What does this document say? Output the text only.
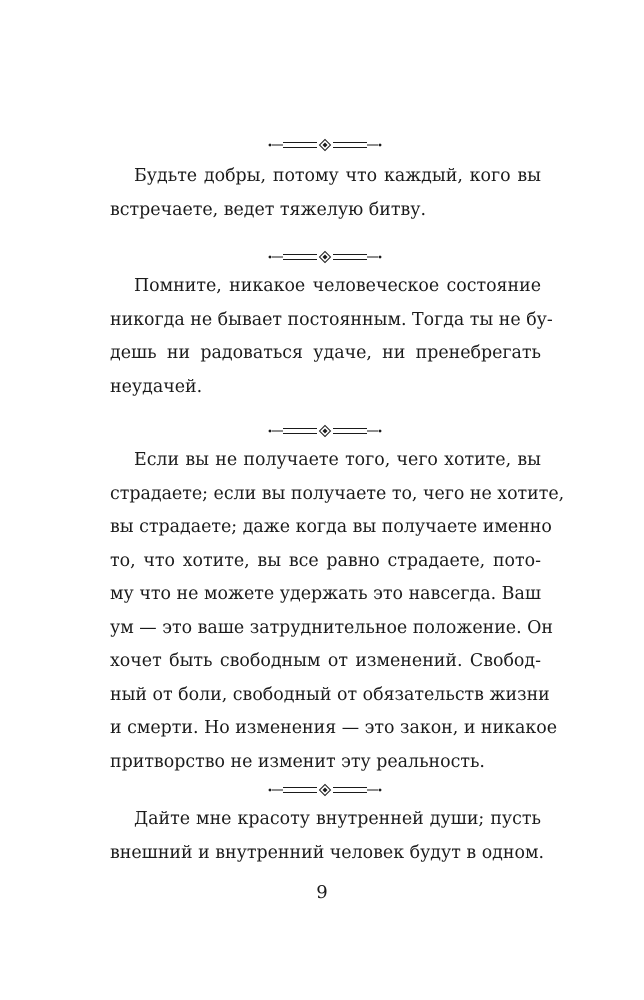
Будьте добры, потому что каждый, кого вы
встречаете, ведет тяжелую битву.

Помните, никакое человеческое состояние
никогда не бывает постоянным. Тогда ты не бу-
дешь ни радоваться удаче, ни пренебрегать
неудачей.

Если вы не получаете того, чего хотите, вы
страдаете; если вы получаете то, чего не хотите,
вы страдаете; даже когда вы получаете именно
то, что хотите, вы все равно страдаете, пото-
му что не можете удержать это навсегда. Ваш
ум — это ваше затруднительное положение. Он
хочет быть свободным от изменений. Свобод-
ный от боли, свободный от обязательств жизни
и смерти. Но изменения — это закон, и никакое
притворство не изменит эту реальность.

Дайте мне красоту внутренней души; пусть
внешний и внутренний человек будут в одном.

9
